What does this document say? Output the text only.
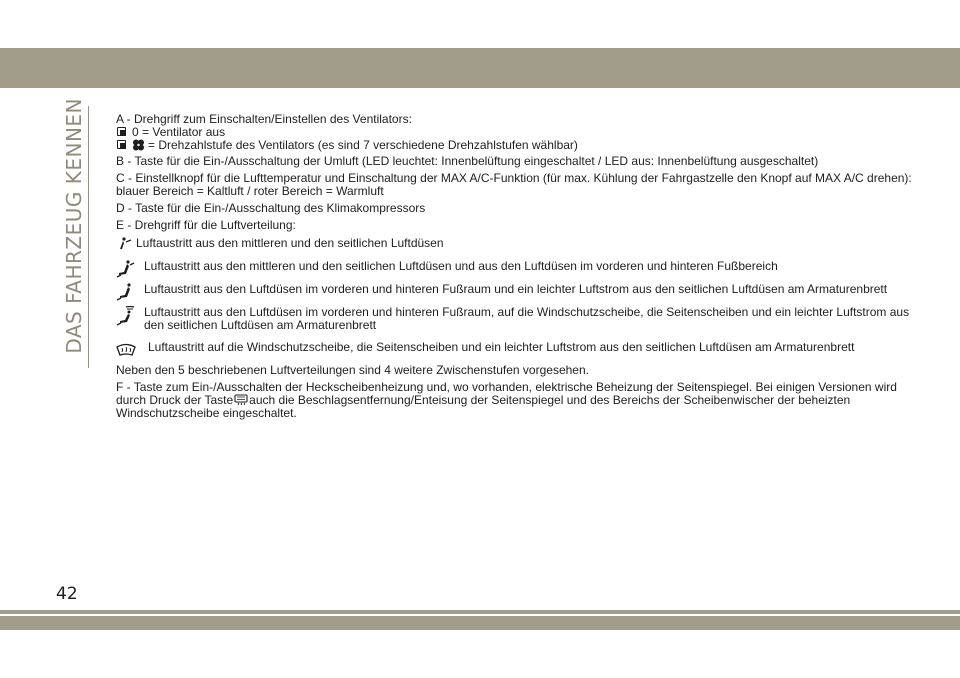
DAS FAHRZEUG KENNEN	A - Drehgriff zum Einschalten/Einstellen des Ventilators:

0 = Ventilator aus

= Drehzahlstufe des Ventilators (es sind 7 verschiedene Drehzahlstufen wählbar)

B - Taste für die Ein-/Ausschaltung der Umluft (LED leuchtet: Innenbelüftung eingeschaltet / LED aus: Innenbelüftung ausgeschaltet)

C - Einstellknopf für die Lufttemperatur und Einschaltung der MAX A/C-Funktion (für max. Kühlung der Fahrgastzelle den Knopf auf MAX A/C drehen): blauer Bereich = Kaltluft / roter Bereich = Warmluft

D - Taste für die Ein-/Ausschaltung des Klimakompressors

E - Drehgriff für die Luftverteilung:

Luftaustritt aus den mittleren und den seitlichen Luftdüsen
Luftaustritt aus den mittleren und den seitlichen Luftdüsen und aus den Luftdüsen im vorderen und hinteren Fußbereich
Luftaustritt aus den Luftdüsen im vorderen und hinteren Fußraum und ein leichter Luftstrom aus den seitlichen Luftdüsen am Armaturenbrett
Luftaustritt aus den Luftdüsen im vorderen und hinteren Fußraum, auf die Windschutzscheibe, die Seitenscheiben und ein leichter Luftstrom aus den seitlichen Luftdüsen am Armaturenbrett
Luftaustritt auf die Windschutzscheibe, die Seitenscheiben und ein leichter Luftstrom aus den seitlichen Luftdüsen am Armaturenbrett

Neben den 5 beschriebenen Luftverteilungen sind 4 weitere Zwischenstufen vorgesehen.

F - Taste zum Ein-/Ausschalten der Heckscheibenheizung und, wo vorhanden, elektrische Beheizung der Seitenspiegel. Bei einigen Versionen wird durch Druck der Taste auch die Beschlagsentfernung/Enteisung der Seitenspiegel und des Bereichs der Scheibenwischer der beheizten Windschutzscheibe eingeschaltet.

42
